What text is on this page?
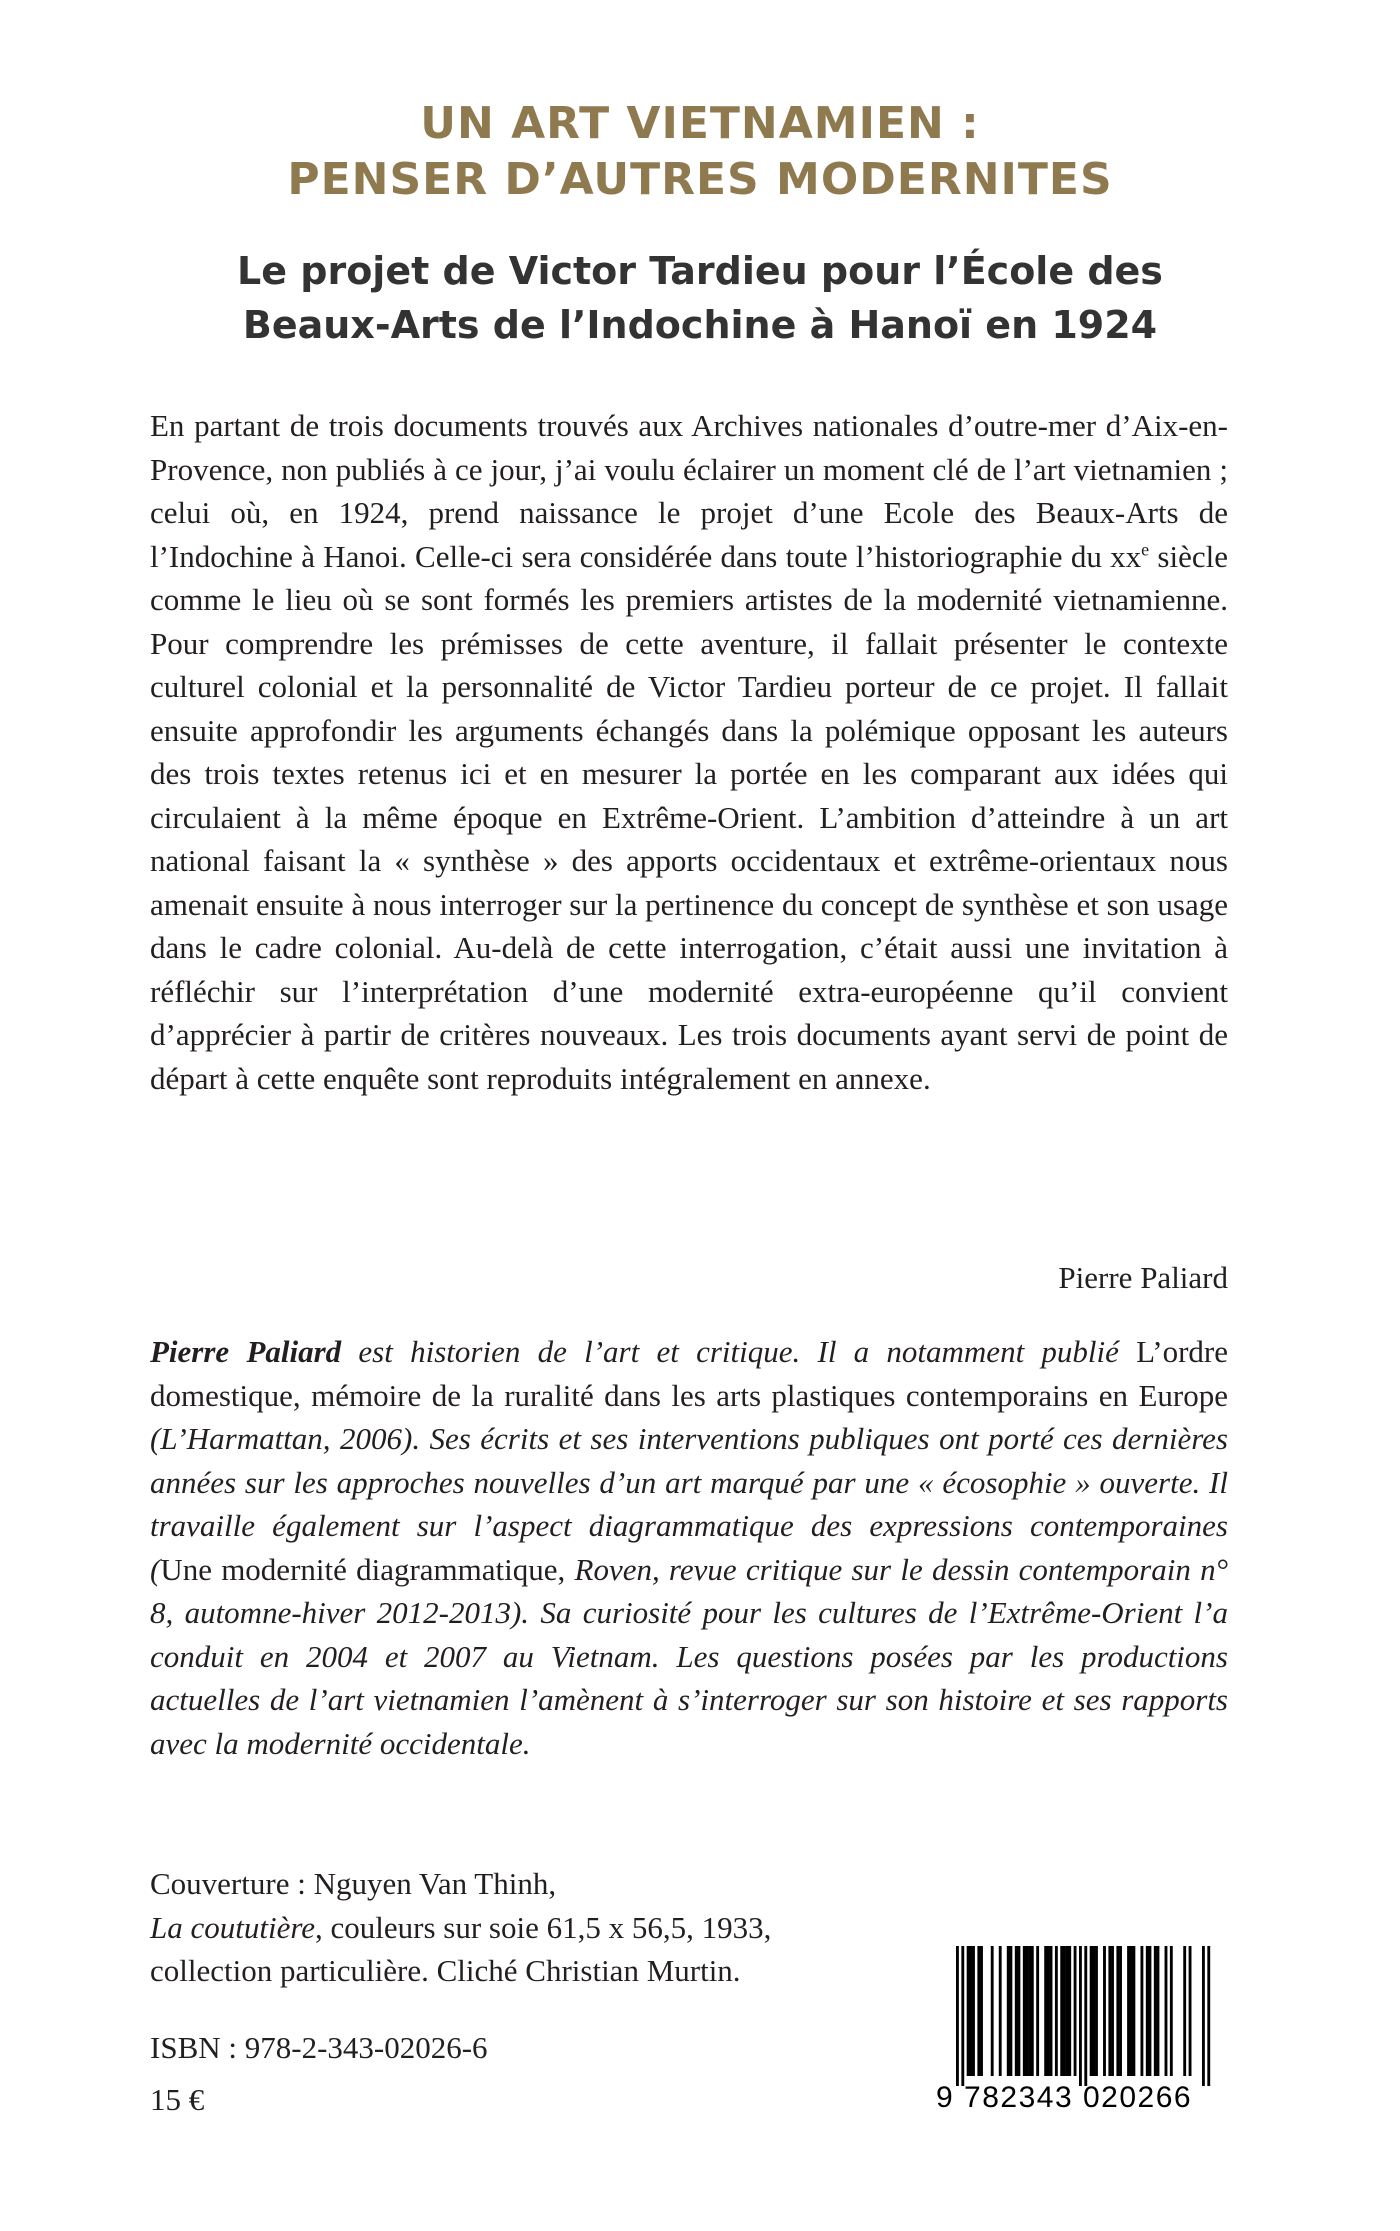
UN ART VIETNAMIEN :
PENSER D’AUTRES MODERNITES
Le projet de Victor Tardieu pour l’École des
Beaux-Arts de l’Indochine à Hanoï en 1924

En partant de trois documents trouvés aux Archives nationales d’outre-mer d’Aix-en-Provence, non publiés à ce jour, j’ai voulu éclairer un moment clé de l’art vietnamien ; celui où, en 1924, prend naissance le projet d’une Ecole des Beaux-Arts de l’Indochine à Hanoi. Celle-ci sera considérée dans toute l’historiographie du $xx^e$ siècle comme le lieu où se sont formés les premiers artistes de la modernité vietnamienne. Pour comprendre les prémisses de cette aventure, il fallait présenter le contexte culturel colonial et la personnalité de Victor Tardieu porteur de ce projet. Il fallait ensuite approfondir les arguments échangés dans la polémique opposant les auteurs des trois textes retenus ici et en mesurer la portée en les comparant aux idées qui circulaient à la même époque en Extrême-Orient. L’ambition d’atteindre à un art national faisant la « synthèse » des apports occidentaux et extrême-orientaux nous amenait ensuite à nous interroger sur la pertinence du concept de synthèse et son usage dans le cadre colonial. Au-delà de cette interrogation, c’était aussi une invitation à réfléchir sur l’interprétation d’une modernité extra-européenne qu’il convient d’apprécier à partir de critères nouveaux. Les trois documents ayant servi de point de départ à cette enquête sont reproduits intégralement en annexe.

Pierre Paliard

Pierre Paliard est historien de l’art et critique. Il a notamment publié L’ordre domestique, mémoire de la ruralité dans les arts plastiques contemporains en Europe (L’Harmattan, 2006). Ses écrits et ses interventions publiques ont porté ces dernières années sur les approches nouvelles d’un art marqué par une « écosophie » ouverte. Il travaille également sur l’aspect diagrammatique des expressions contemporaines (Une modernité diagrammatique, Roven, revue critique sur le dessin contemporain n° 8, automne-hiver 2012-2013). Sa curiosité pour les cultures de l’Extrême-Orient l’a conduit en 2004 et 2007 au Vietnam. Les questions posées par les productions actuelles de l’art vietnamien l’amènent à s’interroger sur son histoire et ses rapports avec la modernité occidentale.

Couverture : Nguyen Van Thinh,
La coututière, couleurs sur soie 61,5 x 56,5, 1933,
collection particulière. Cliché Christian Murtin.
ISBN : 978-2-343-02026-6
15 €	9 782343 020266
